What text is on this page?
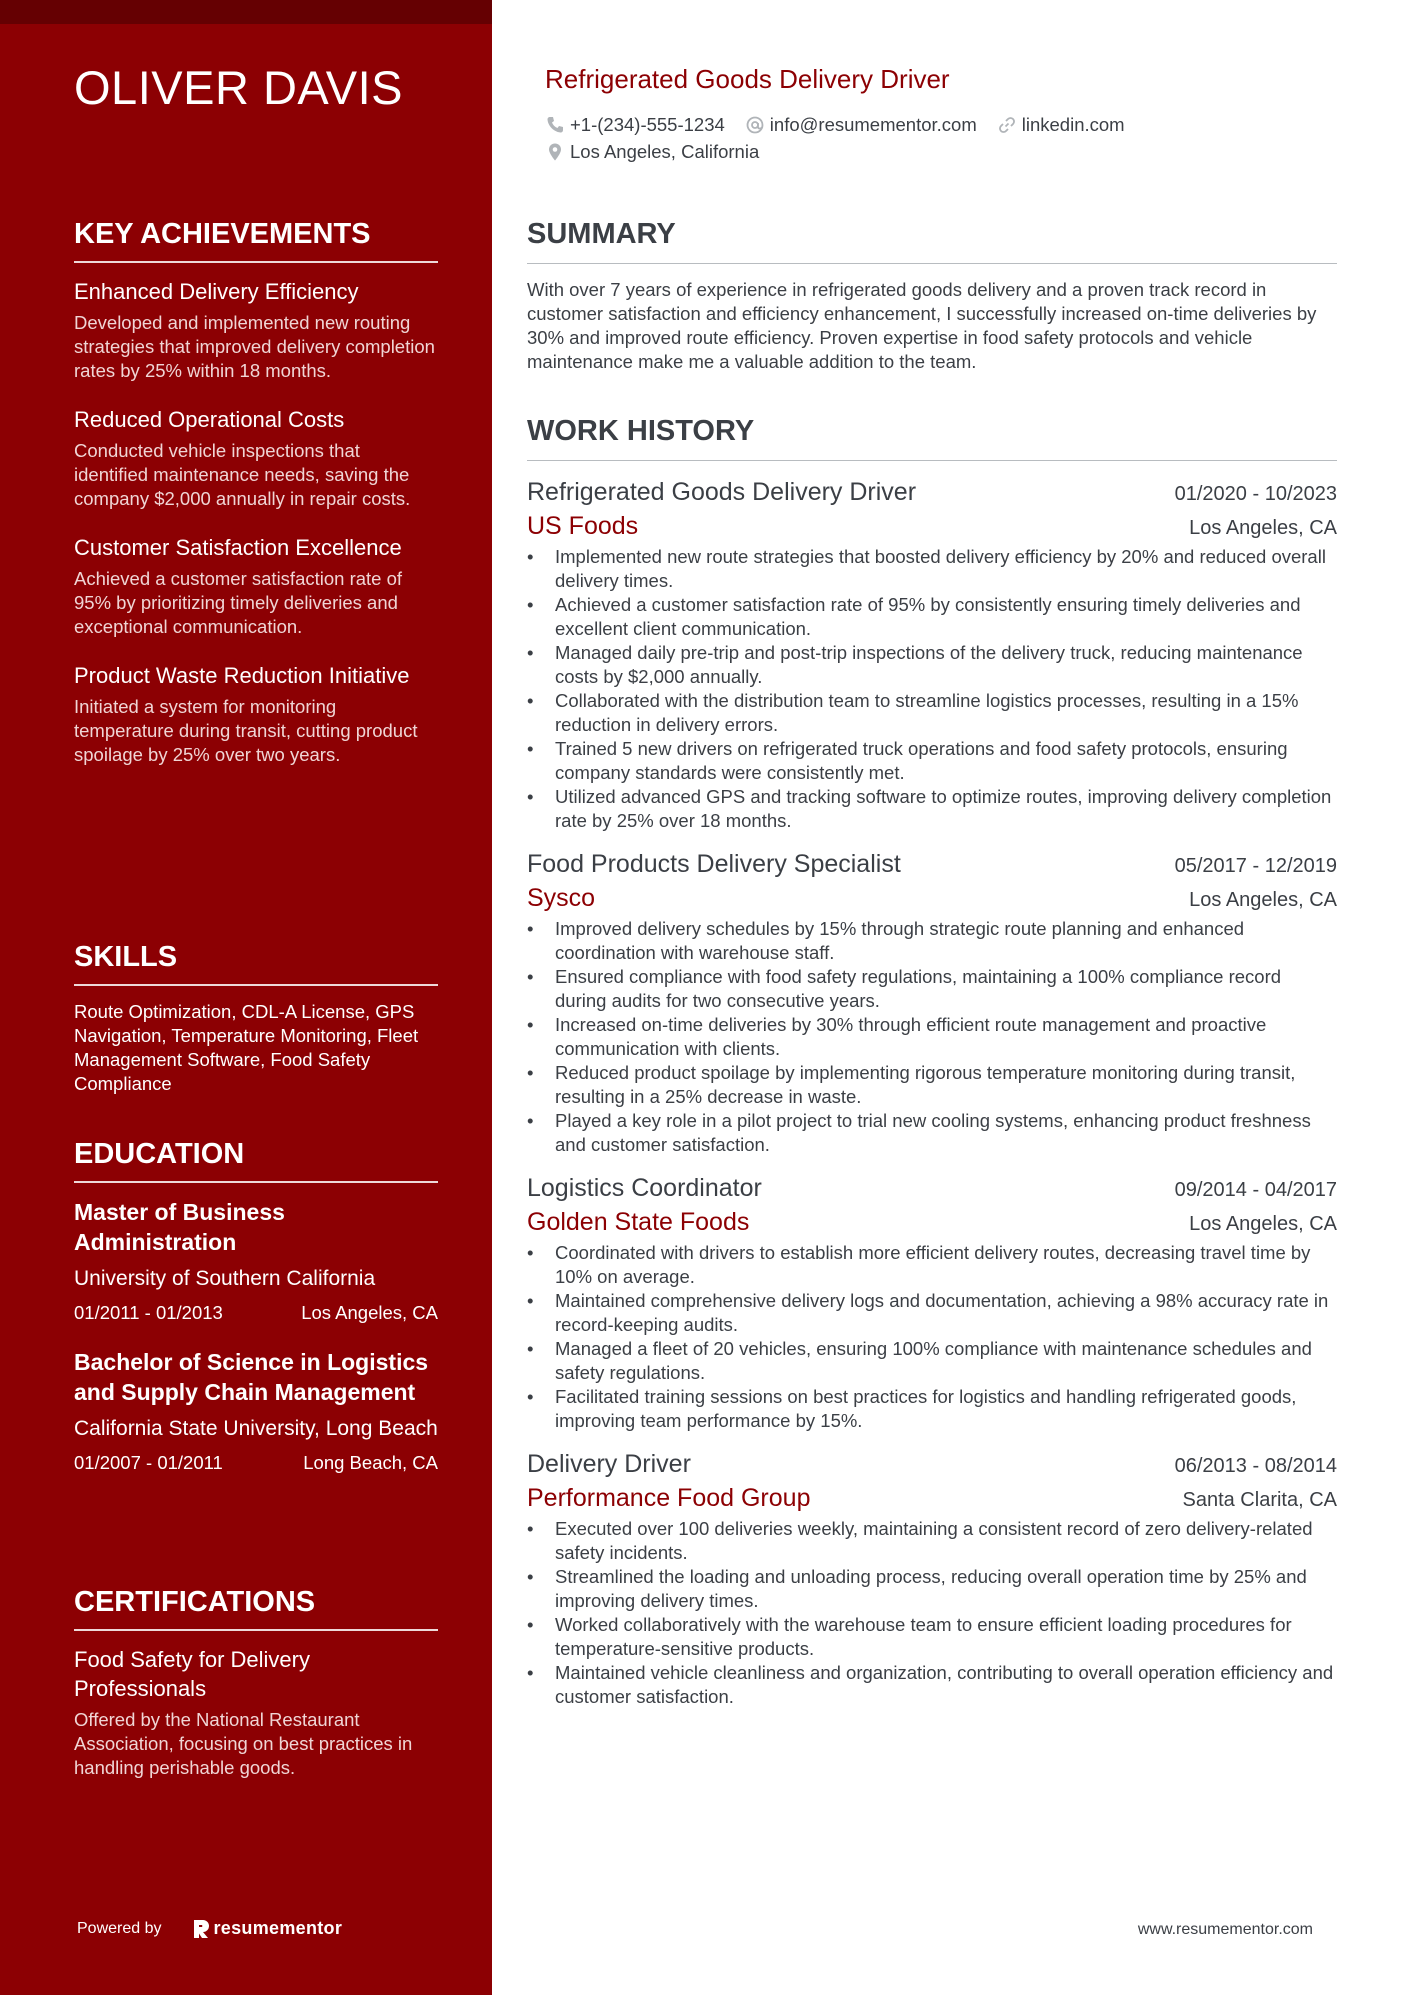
OLIVER DAVIS
KEY ACHIEVEMENTS
Enhanced Delivery Efficiency
Developed and implemented new routing strategies that improved delivery completion rates by 25% within 18 months.
Reduced Operational Costs
Conducted vehicle inspections that identified maintenance needs, saving the company $2,000 annually in repair costs.
Customer Satisfaction Excellence
Achieved a customer satisfaction rate of 95% by prioritizing timely deliveries and exceptional communication.
Product Waste Reduction Initiative
Initiated a system for monitoring temperature during transit, cutting product spoilage by 25% over two years.
SKILLS
Route Optimization, CDL-A License, GPS Navigation, Temperature Monitoring, Fleet Management Software, Food Safety Compliance
EDUCATION
Master of Business Administration
University of Southern California
01/2011 - 01/2013	Los Angeles, CA
Bachelor of Science in Logistics and Supply Chain Management
California State University, Long Beach
01/2007 - 01/2011	Long Beach, CA
CERTIFICATIONS
Food Safety for Delivery Professionals
Offered by the National Restaurant Association, focusing on best practices in handling perishable goods.
Powered by	resumementor
Refrigerated Goods Delivery Driver
+1-(234)-555-1234 info@resumementor.com linkedin.com
Los Angeles, California
SUMMARY

With over 7 years of experience in refrigerated goods delivery and a proven track record in customer satisfaction and efficiency enhancement, I successfully increased on-time deliveries by 30% and improved route efficiency. Proven expertise in food safety protocols and vehicle maintenance make me a valuable addition to the team.

WORK HISTORY
Refrigerated Goods Delivery Driver	01/2020 - 10/2023
US Foods	Los Angeles, CA
• Implemented new route strategies that boosted delivery efficiency by 20% and reduced overall delivery times.
• Achieved a customer satisfaction rate of 95% by consistently ensuring timely deliveries and excellent client communication.
• Managed daily pre-trip and post-trip inspections of the delivery truck, reducing maintenance costs by $2,000 annually.
• Collaborated with the distribution team to streamline logistics processes, resulting in a 15% reduction in delivery errors.
• Trained 5 new drivers on refrigerated truck operations and food safety protocols, ensuring company standards were consistently met.
• Utilized advanced GPS and tracking software to optimize routes, improving delivery completion rate by 25% over 18 months.
Food Products Delivery Specialist	05/2017 - 12/2019
Sysco	Los Angeles, CA
• Improved delivery schedules by 15% through strategic route planning and enhanced coordination with warehouse staff.
• Ensured compliance with food safety regulations, maintaining a 100% compliance record during audits for two consecutive years.
• Increased on-time deliveries by 30% through efficient route management and proactive communication with clients.
• Reduced product spoilage by implementing rigorous temperature monitoring during transit, resulting in a 25% decrease in waste.
• Played a key role in a pilot project to trial new cooling systems, enhancing product freshness and customer satisfaction.
Logistics Coordinator	09/2014 - 04/2017
Golden State Foods	Los Angeles, CA
• Coordinated with drivers to establish more efficient delivery routes, decreasing travel time by 10% on average.
• Maintained comprehensive delivery logs and documentation, achieving a 98% accuracy rate in record-keeping audits.
• Managed a fleet of 20 vehicles, ensuring 100% compliance with maintenance schedules and safety regulations.
• Facilitated training sessions on best practices for logistics and handling refrigerated goods, improving team performance by 15%.
Delivery Driver	06/2013 - 08/2014
Performance Food Group	Santa Clarita, CA
• Executed over 100 deliveries weekly, maintaining a consistent record of zero delivery-related safety incidents.
• Streamlined the loading and unloading process, reducing overall operation time by 25% and improving delivery times.
• Worked collaboratively with the warehouse team to ensure efficient loading procedures for temperature-sensitive products.
• Maintained vehicle cleanliness and organization, contributing to overall operation efficiency and customer satisfaction.
www.resumementor.com
